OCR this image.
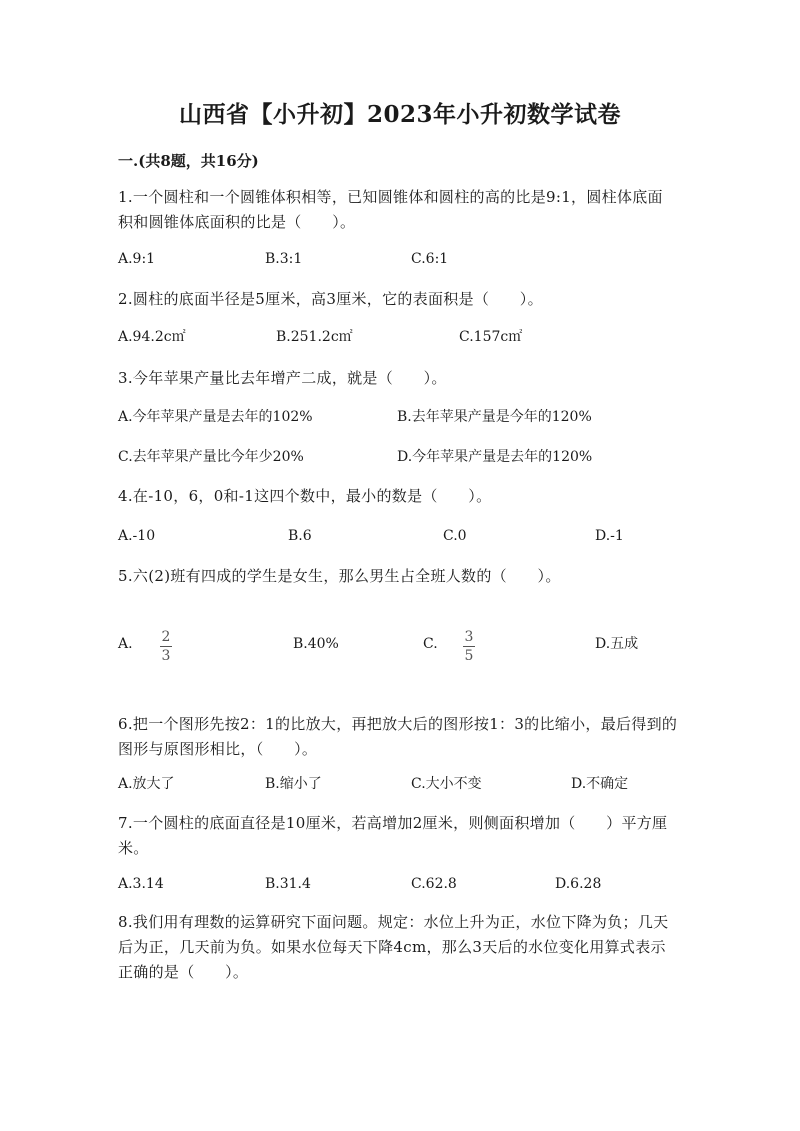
山西省【小升初】2023年小升初数学试卷
一.(共8题，共16分)
1.一个圆柱和一个圆锥体积相等，已知圆锥体和圆柱的高的比是9:1，圆柱体底面积和圆锥体底面积的比是（　　）。
A.9:1	B.3:1	C.6:1
2.圆柱的底面半径是5厘米，高3厘米，它的表面积是（　　）。
A.94.2c㎡	B.251.2c㎡	C.157c㎡
3.今年苹果产量比去年增产二成，就是（　　）。
A.今年苹果产量是去年的102%	B.去年苹果产量是今年的120%
C.去年苹果产量比今年少20%	D.今年苹果产量是去年的120%
4.在-10，6，0和-1这四个数中，最小的数是（　　）。
A.-10	B.6	C.0	D.-1
5.六(2)班有四成的学生是女生，那么男生占全班人数的（　　）。
A. 2
3
B.40%	C. 3
5
D.五成
6.把一个图形先按2：1的比放大，再把放大后的图形按1：3的比缩小，最后得到的图形与原图形相比，（　　）。
A.放大了	B.缩小了	C.大小不变	D.不确定
7.一个圆柱的底面直径是10厘米，若高增加2厘米，则侧面积增加（　　）平方厘米。
A.3.14	B.31.4	C.62.8	D.6.28
8.我们用有理数的运算研究下面问题。规定：水位上升为正，水位下降为负；几天后为正，几天前为负。如果水位每天下降4cm，那么3天后的水位变化用算式表示正确的是（　　）。
